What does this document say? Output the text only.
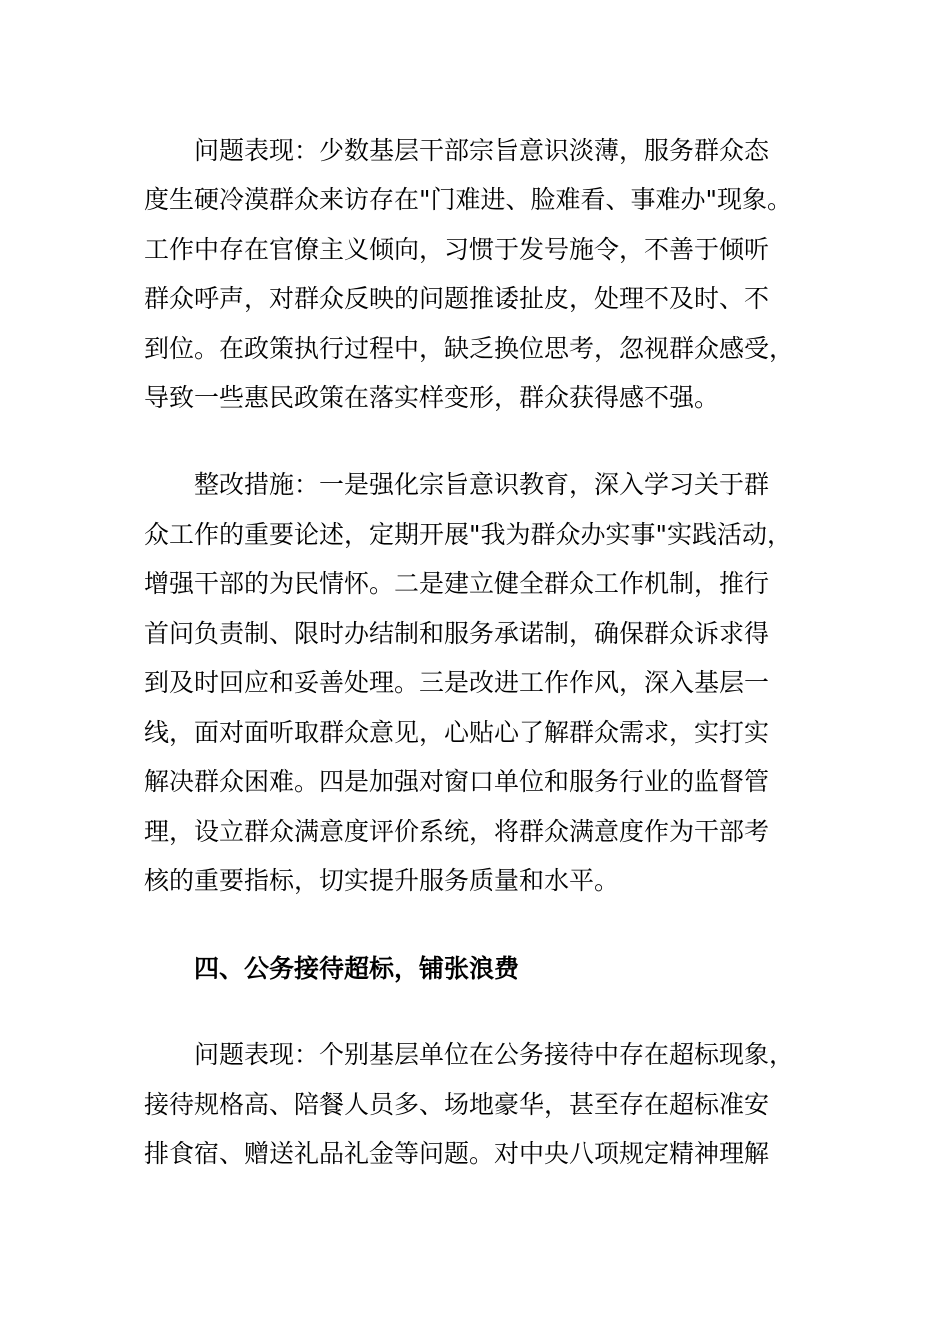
问题表现：少数基层干部宗旨意识淡薄，服务群众态
度生硬冷漠群众来访存在"门难进、脸难看、事难办"现象。
工作中存在官僚主义倾向，习惯于发号施令，不善于倾听
群众呼声，对群众反映的问题推诿扯皮，处理不及时、不
到位。在政策执行过程中，缺乏换位思考，忽视群众感受，
导致一些惠民政策在落实样变形，群众获得感不强。
整改措施：一是强化宗旨意识教育，深入学习关于群
众工作的重要论述，定期开展"我为群众办实事"实践活动，
增强干部的为民情怀。二是建立健全群众工作机制，推行
首问负责制、限时办结制和服务承诺制，确保群众诉求得
到及时回应和妥善处理。三是改进工作作风，深入基层一
线，面对面听取群众意见，心贴心了解群众需求，实打实
解决群众困难。四是加强对窗口单位和服务行业的监督管
理，设立群众满意度评价系统，将群众满意度作为干部考
核的重要指标，切实提升服务质量和水平。
四、公务接待超标，铺张浪费
问题表现：个别基层单位在公务接待中存在超标现象，
接待规格高、陪餐人员多、场地豪华，甚至存在超标准安
排食宿、赠送礼品礼金等问题。对中央八项规定精神理解
